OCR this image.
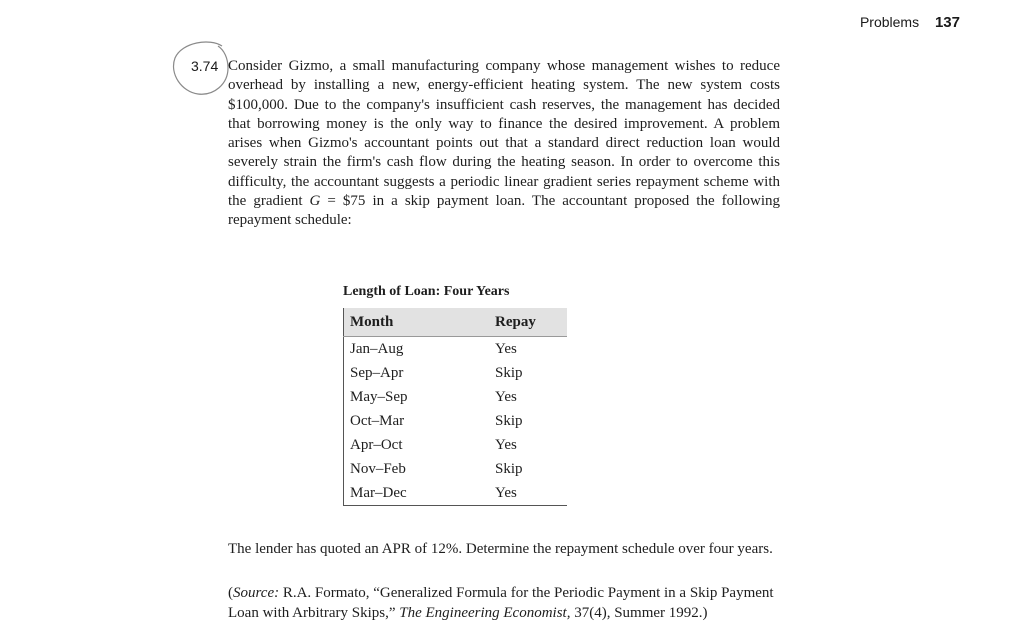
Problems 137
3.74 Consider Gizmo, a small manufacturing company whose management wishes to reduce overhead by installing a new, energy-efficient heating system. The new system costs $100,000. Due to the company's insufficient cash reserves, the management has decided that borrowing money is the only way to finance the desired improvement. A problem arises when Gizmo's accountant points out that a standard direct reduction loan would severely strain the firm's cash flow during the heating season. In order to overcome this difficulty, the accountant suggests a periodic linear gradient series repayment scheme with the gradient G = $75 in a skip payment loan. The accountant proposed the following repayment schedule:

Length of Loan: Four Years
Month	Repay
Jan–Aug	Yes
Sep–Apr	Skip
May–Sep	Yes
Oct–Mar	Skip
Apr–Oct	Yes
Nov–Feb	Skip
Mar–Dec	Yes

The lender has quoted an APR of 12%. Determine the repayment schedule over four years.

(Source: R.A. Formato, “Generalized Formula for the Periodic Payment in a Skip Payment Loan with Arbitrary Skips,” The Engineering Economist, 37(4), Summer 1992.)
